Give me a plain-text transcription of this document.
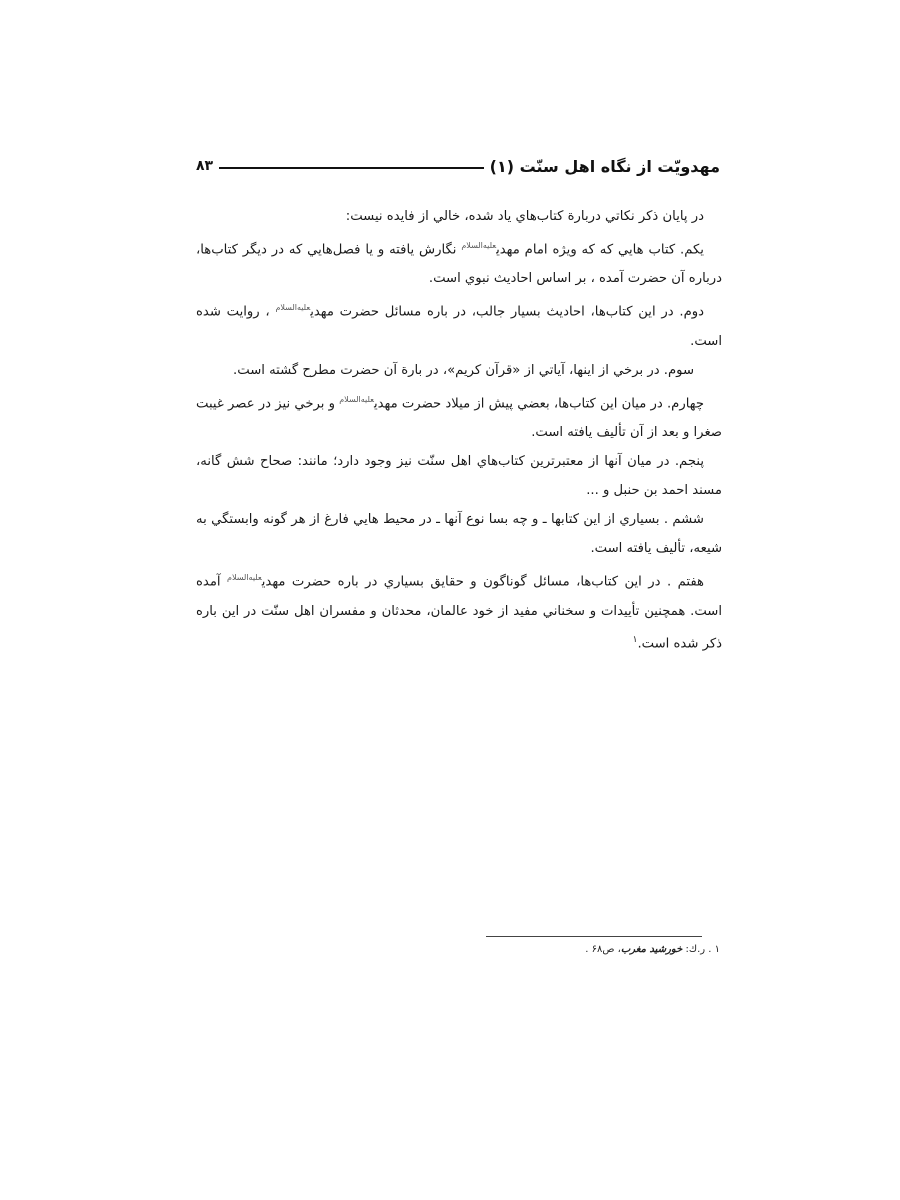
مهدويّت از نگاه اهل سنّت (۱)
۸۳

در پايان ذكر نكاتي دربارة كتاب‌هاي ياد شده، خالي از فايده نيست:

يكم. كتاب هايي كه كه ويژه امام مهدي$^{عليه‌السلام}$ نگارش يافته و يا فصل‌هايي كه در ديگر كتاب‌ها، درباره آن حضرت آمده ، بر اساس احاديث نبوي است.

دوم. در اين كتاب‌ها، احاديث بسيار جالب، در باره مسائل حضرت مهدي$^{عليه‌السلام}$ ، روايت شده است.

سوم. در برخي از اينها، آياتي از «قرآن كريم»، در بارة آن حضرت مطرح گشته است.

چهارم. در ميان اين كتاب‌ها، بعضي پيش از ميلاد حضرت مهدي$^{عليه‌السلام}$ و برخي نيز در عصر غيبت صغرا و بعد از آن تأليف يافته است.

پنجم. در ميان آنها از معتبرترين كتاب‌هاي اهل سنّت نيز وجود دارد؛ مانند: صحاح شش گانه، مسند احمد بن حنبل و ...

ششم . بسياري از اين كتابها ـ و چه بسا نوع آنها ـ در محيط هايي فارغ از هر گونه وابستگي به شيعه، تأليف يافته است.

هفتم . در اين كتاب‌ها، مسائل گوناگون و حقايق بسياري در باره حضرت مهدي$^{عليه‌السلام}$ آمده است. همچنين تأييدات و سخناني مفيد از خود عالمان، محدثان و مفسران اهل سنّت در اين باره ذكر شده است.$^۱$

۱ . ر.ك: خورشيد مغرب، ص۶۸ .
